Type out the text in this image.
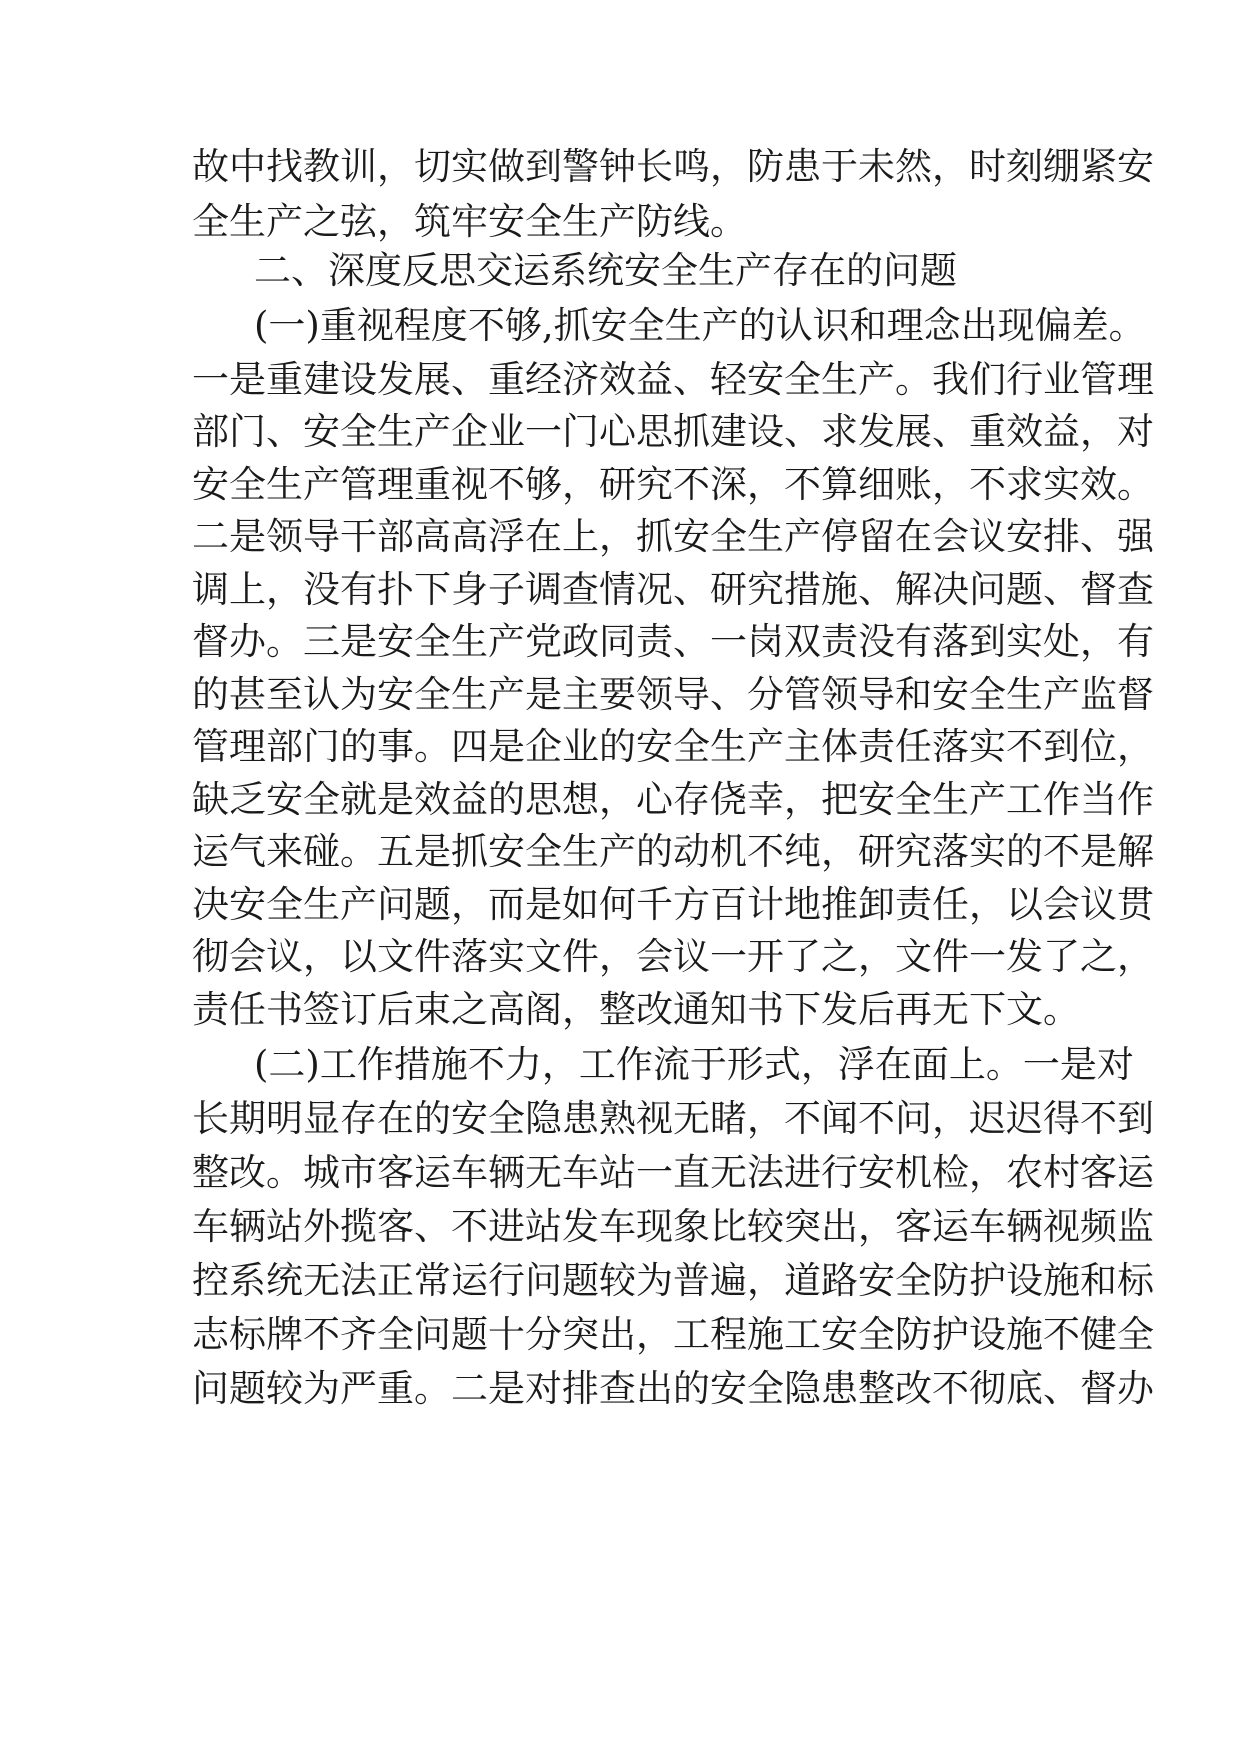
故中找教训，切实做到警钟长鸣，防患于未然，时刻绷紧安
全生产之弦，筑牢安全生产防线。
二、深度反思交运系统安全生产存在的问题
(一)重视程度不够,抓安全生产的认识和理念出现偏差。
一是重建设发展、重经济效益、轻安全生产。我们行业管理
部门、安全生产企业一门心思抓建设、求发展、重效益，对
安全生产管理重视不够，研究不深，不算细账，不求实效。
二是领导干部高高浮在上，抓安全生产停留在会议安排、强
调上，没有扑下身子调查情况、研究措施、解决问题、督查
督办。三是安全生产党政同责、一岗双责没有落到实处，有
的甚至认为安全生产是主要领导、分管领导和安全生产监督
管理部门的事。四是企业的安全生产主体责任落实不到位，
缺乏安全就是效益的思想，心存侥幸，把安全生产工作当作
运气来碰。五是抓安全生产的动机不纯，研究落实的不是解
决安全生产问题，而是如何千方百计地推卸责任，以会议贯
彻会议，以文件落实文件，会议一开了之，文件一发了之，
责任书签订后束之高阁，整改通知书下发后再无下文。
(二)工作措施不力，工作流于形式，浮在面上。一是对
长期明显存在的安全隐患熟视无睹，不闻不问，迟迟得不到
整改。城市客运车辆无车站一直无法进行安机检，农村客运
车辆站外揽客、不进站发车现象比较突出，客运车辆视频监
控系统无法正常运行问题较为普遍，道路安全防护设施和标
志标牌不齐全问题十分突出，工程施工安全防护设施不健全
问题较为严重。二是对排查出的安全隐患整改不彻底、督办
